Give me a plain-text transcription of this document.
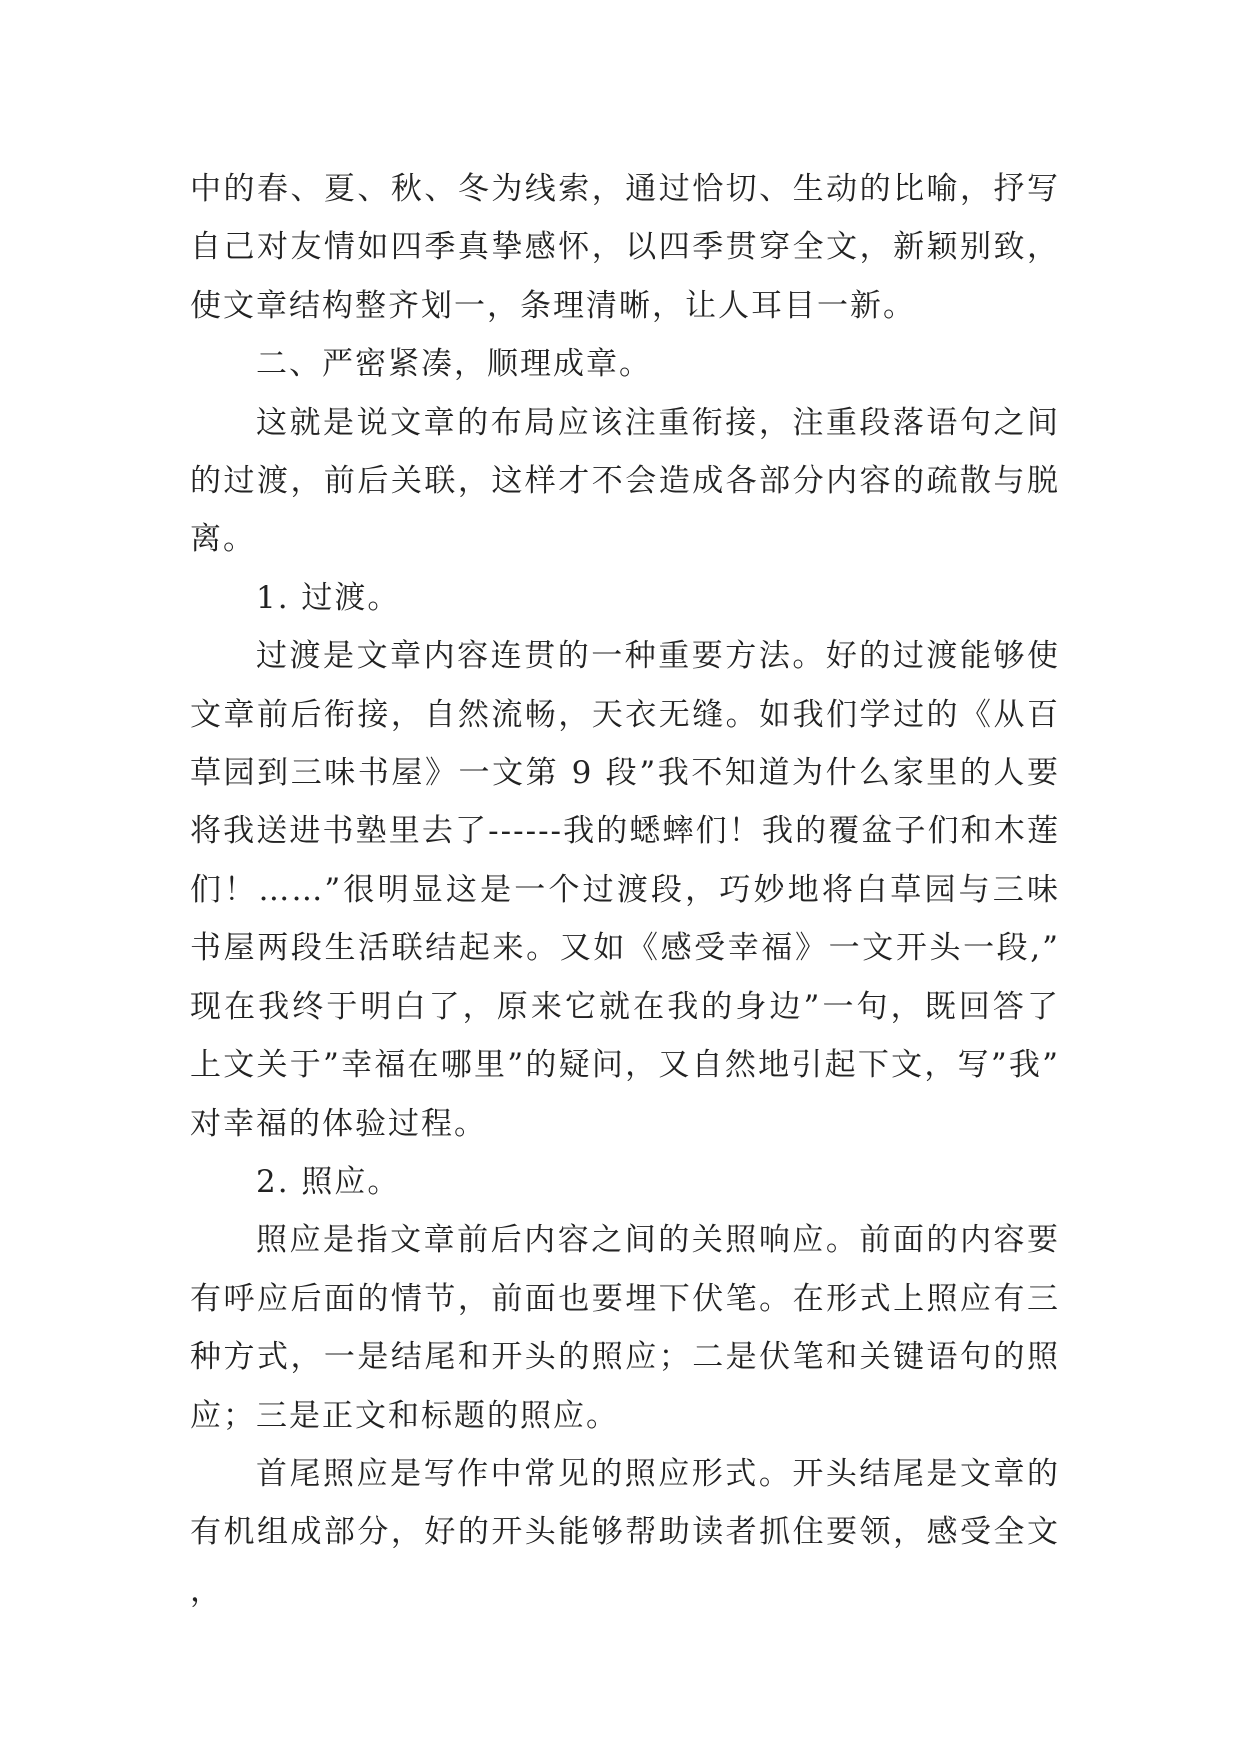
中的春、夏、秋、冬为线索，通过恰切、生动的比喻，抒写自己对友情如四季真挚感怀，以四季贯穿全文，新颖别致，使文章结构整齐划一，条理清晰，让人耳目一新。

二、严密紧凑，顺理成章。

这就是说文章的布局应该注重衔接，注重段落语句之间的过渡，前后关联，这样才不会造成各部分内容的疏散与脱离。

1. 过渡。

过渡是文章内容连贯的一种重要方法。好的过渡能够使文章前后衔接，自然流畅，天衣无缝。如我们学过的《从百草园到三味书屋》一文第 9 段”我不知道为什么家里的人要将我送进书塾里去了------我的蟋蟀们！我的覆盆子们和木莲们！……”很明显这是一个过渡段，巧妙地将白草园与三味书屋两段生活联结起来。又如《感受幸福》一文开头一段,”现在我终于明白了，原来它就在我的身边”一句，既回答了上文关于”幸福在哪里”的疑问，又自然地引起下文，写”我”对幸福的体验过程。

2. 照应。

照应是指文章前后内容之间的关照响应。前面的内容要有呼应后面的情节，前面也要埋下伏笔。在形式上照应有三种方式，一是结尾和开头的照应；二是伏笔和关键语句的照应；三是正文和标题的照应。

首尾照应是写作中常见的照应形式。开头结尾是文章的有机组成部分，好的开头能够帮助读者抓住要领，感受全文，
